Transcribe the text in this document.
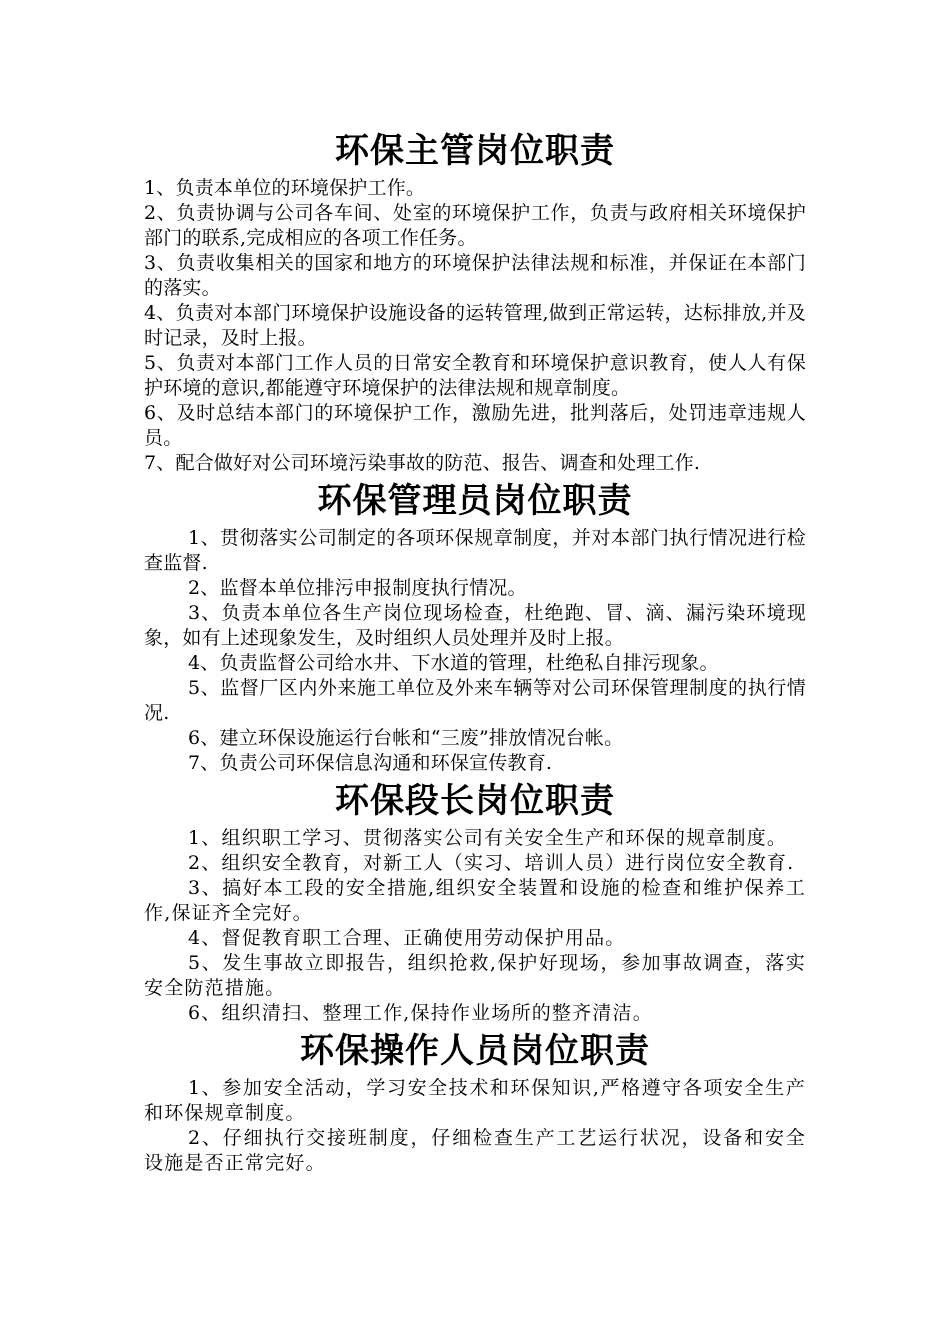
环保主管岗位职责

1、负责本单位的环境保护工作。

2、负责协调与公司各车间、处室的环境保护工作，负责与政府相关环境保护部门的联系,完成相应的各项工作任务。

3、负责收集相关的国家和地方的环境保护法律法规和标准，并保证在本部门的落实。

4、负责对本部门环境保护设施设备的运转管理,做到正常运转，达标排放,并及时记录，及时上报。

5、负责对本部门工作人员的日常安全教育和环境保护意识教育，使人人有保护环境的意识,都能遵守环境保护的法律法规和规章制度。

6、及时总结本部门的环境保护工作，激励先进，批判落后，处罚违章违规人员。

7、配合做好对公司环境污染事故的防范、报告、调查和处理工作.

环保管理员岗位职责

1、贯彻落实公司制定的各项环保规章制度，并对本部门执行情况进行检查监督.

2、监督本单位排污申报制度执行情况。

3、负责本单位各生产岗位现场检查，杜绝跑、冒、滴、漏污染环境现象，如有上述现象发生，及时组织人员处理并及时上报。

4、负责监督公司给水井、下水道的管理，杜绝私自排污现象。

5、监督厂区内外来施工单位及外来车辆等对公司环保管理制度的执行情况.

6、建立环保设施运行台帐和“三废”排放情况台帐。

7、负责公司环保信息沟通和环保宣传教育.

环保段长岗位职责

1、组织职工学习、贯彻落实公司有关安全生产和环保的规章制度。

2、组织安全教育，对新工人（实习、培训人员）进行岗位安全教育.

3、搞好本工段的安全措施,组织安全装置和设施的检查和维护保养工作,保证齐全完好。

4、督促教育职工合理、正确使用劳动保护用品。

5、发生事故立即报告，组织抢救,保护好现场，参加事故调查，落实安全防范措施。

6、组织清扫、整理工作,保持作业场所的整齐清洁。

环保操作人员岗位职责

1、参加安全活动，学习安全技术和环保知识,严格遵守各项安全生产和环保规章制度。

2、仔细执行交接班制度，仔细检查生产工艺运行状况，设备和安全设施是否正常完好。
